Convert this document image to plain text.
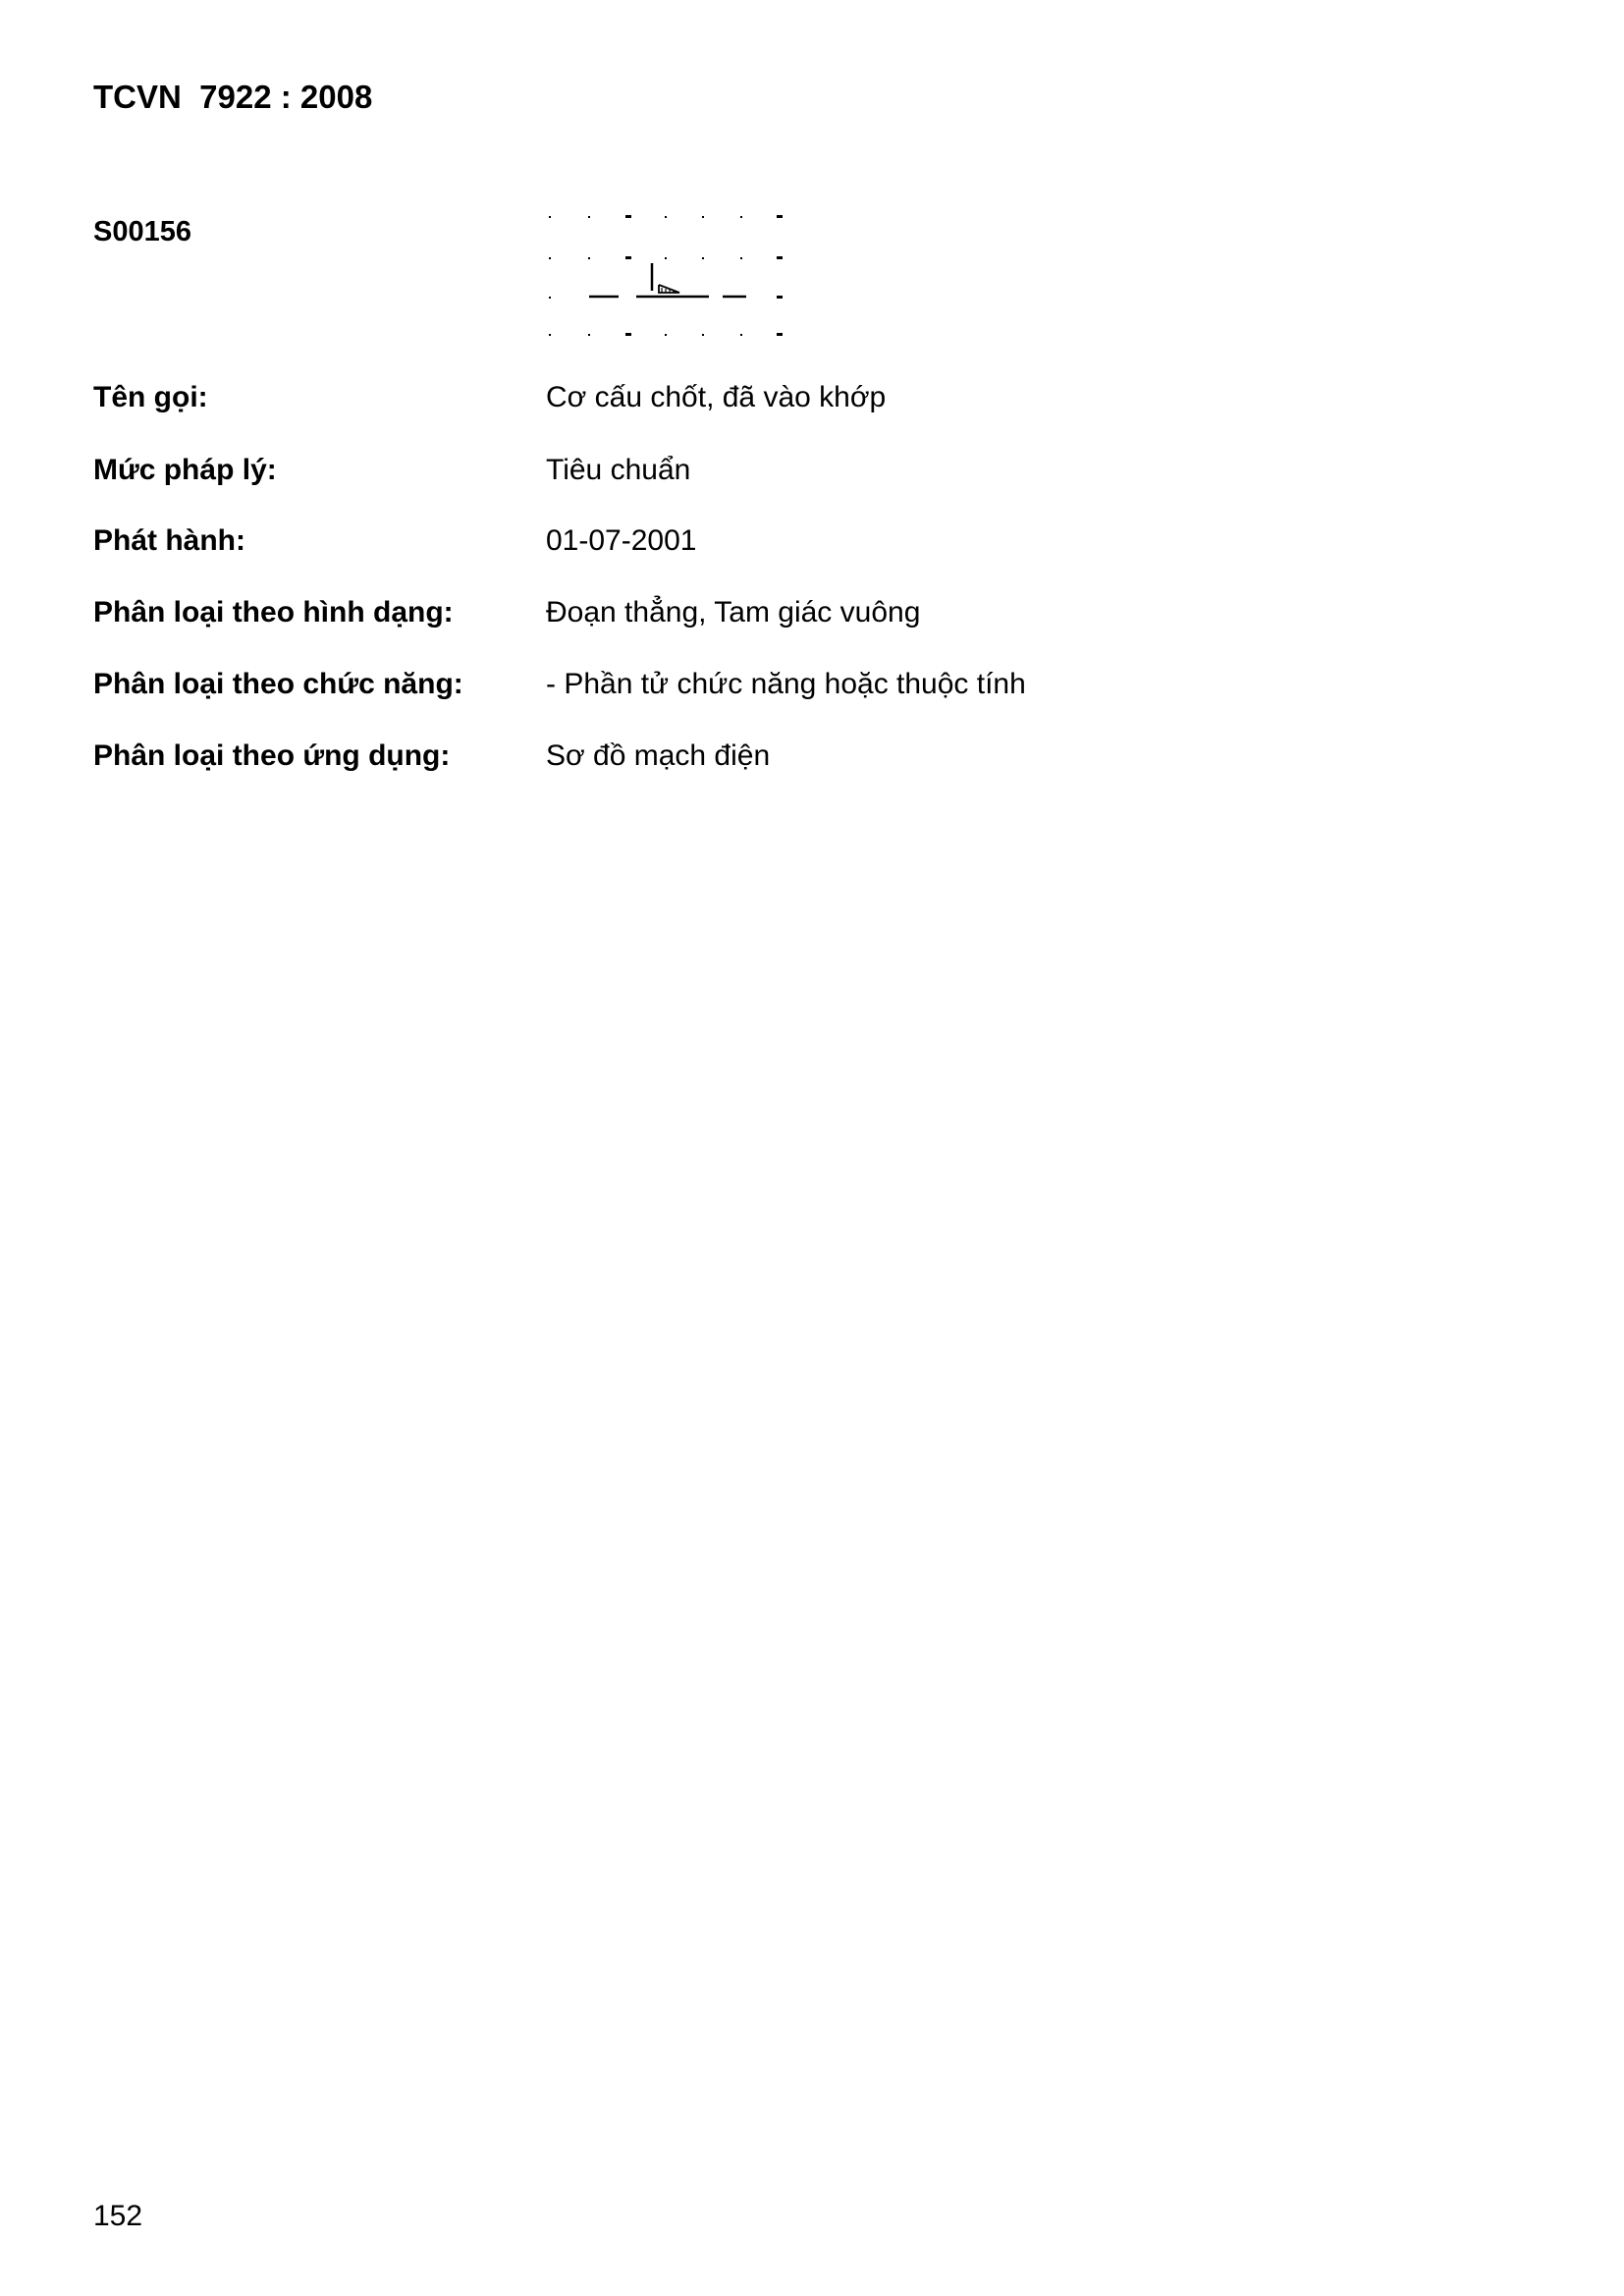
TCVN  7922 : 2008
S00156
Tên gọi:	Cơ cấu chốt, đã vào khớp
Mức pháp lý:	Tiêu chuẩn
Phát hành:	01-07-2001
Phân loại theo hình dạng:	Đoạn thẳng, Tam giác vuông
Phân loại theo chức năng:	- Phần tử chức năng hoặc thuộc tính
Phân loại theo ứng dụng:	Sơ đồ mạch điện
152
